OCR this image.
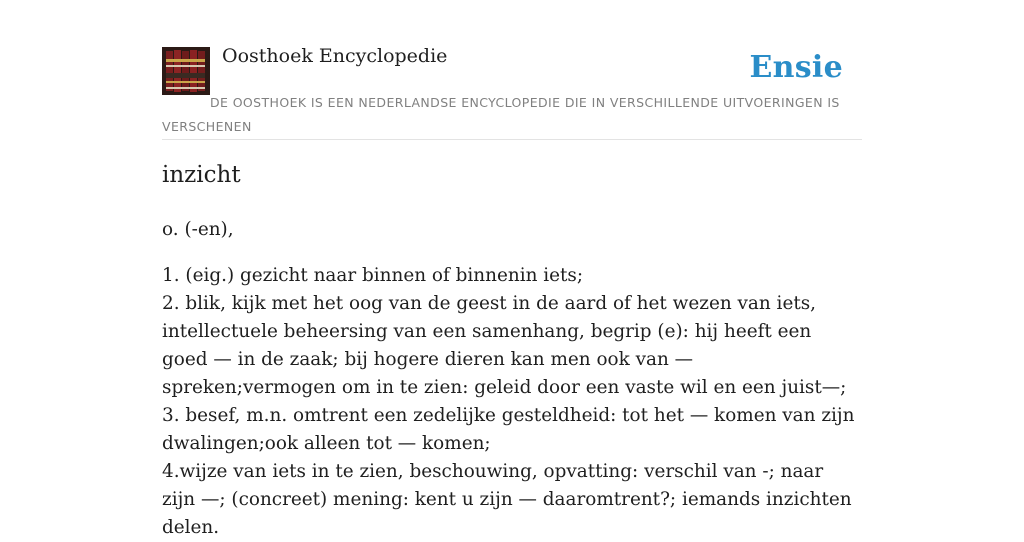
Oosthoek Encyclopedie	Ensie
DE OOSTHOEK IS EEN NEDERLANDSE ENCYCLOPEDIE DIE IN VERSCHILLENDE UITVOERINGEN IS VERSCHENEN
inzicht

o. (-en),

1. (eig.) gezicht naar binnen of binnenin iets;

2. blik, kijk met het oog van de geest in de aard of het wezen van iets, intellectuele beheersing van een samenhang, begrip (e): hij heeft een goed — in de zaak; bij hogere dieren kan men ook van — spreken;vermogen om in te zien: geleid door een vaste wil en een juist—;

3. besef, m.n. omtrent een zedelijke gesteldheid: tot het — komen van zijn dwalingen;ook alleen tot — komen;

4.wijze van iets in te zien, beschouwing, opvatting: verschil van -; naar zijn —; (concreet) mening: kent u zijn — daaromtrent?; iemands inzichten delen.
